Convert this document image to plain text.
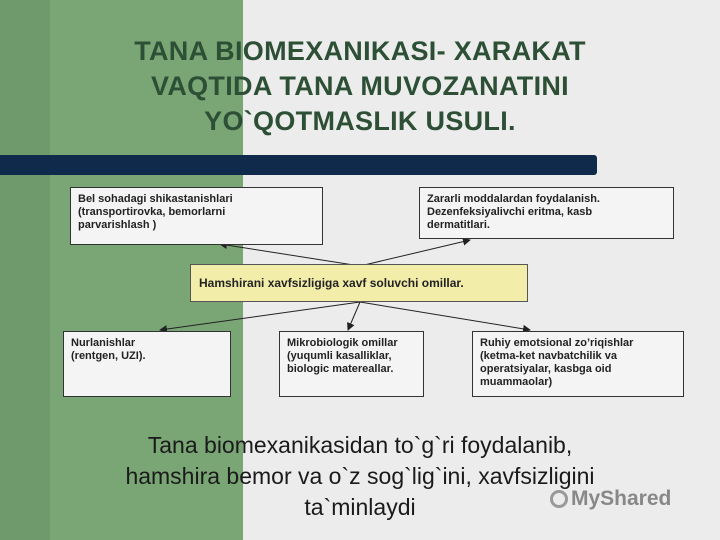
TANA BIOMEXANIKASI- XARAKAT
VAQTIDA TANA MUVOZANATINI
YO`QOTMASLIK USULI.
Bel sohadagi shikastanishlari
(transportirovka, bemorlarni
parvarishlash )
Zararli moddalardan foydalanish.
Dezenfeksiyalivchi eritma, kasb
dermatitlari.
Hamshirani xavfsizligiga xavf soluvchi omillar.
Nurlanishlar
(rentgen, UZI).
Mikrobiologik omillar
(yuqumli kasalliklar,
biologic matereallar.
Ruhiy emotsional zo’riqishlar
(ketma-ket navbatchilik va
operatsiyalar, kasbga oid
muammaolar)
Tana biomexanikasidan to`g`ri foydalanib,
hamshira bemor va o`z sog`lig`ini, xavfsizligini
ta`minlaydi	MyShared
